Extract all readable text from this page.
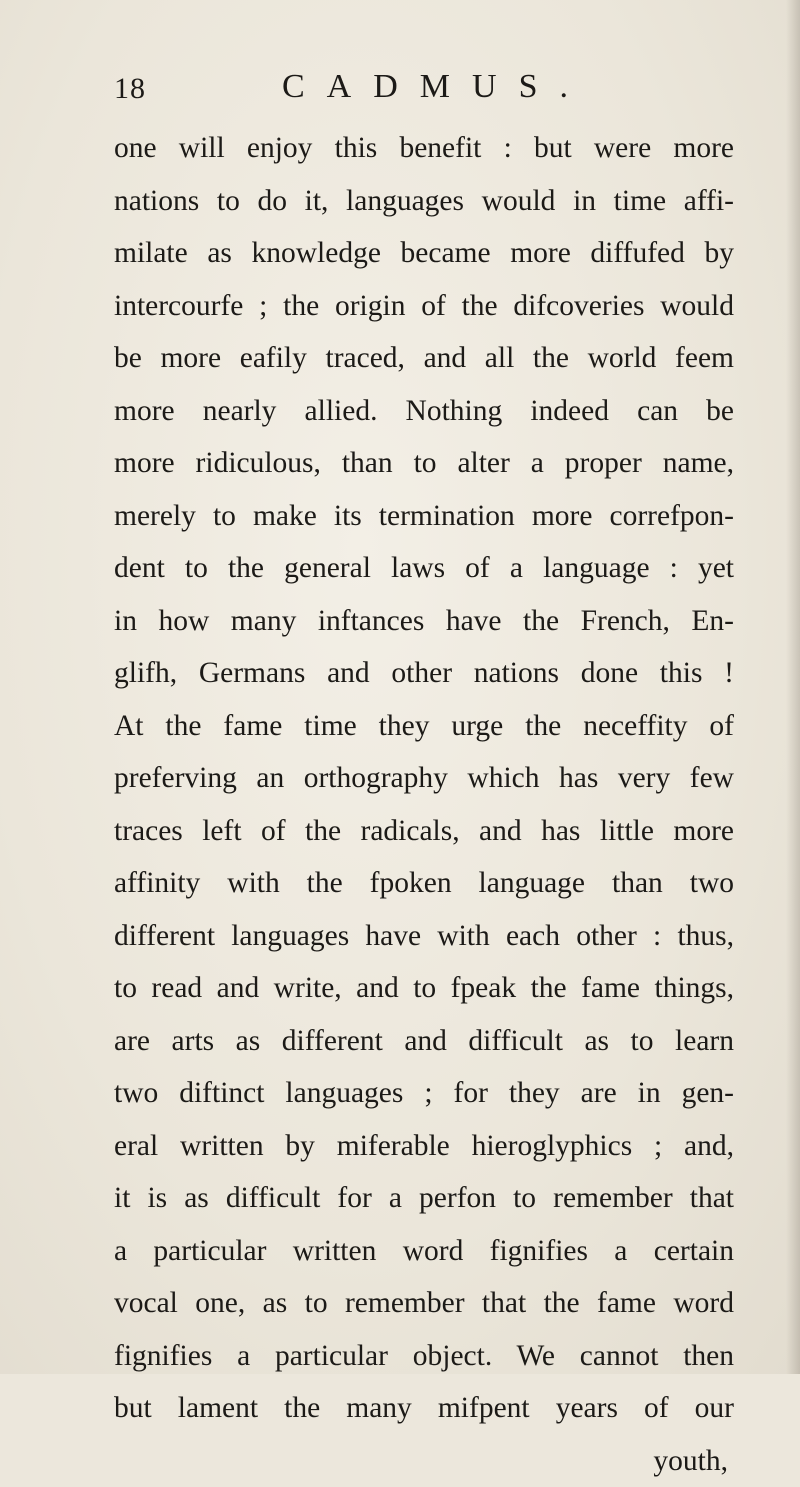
18	CADMUS.
one will enjoy this benefit : but were more
nations to do it, languages would in time affi-
milate as knowledge became more diffufed by
intercourfe ; the origin of the difcoveries would
be more eafily traced, and all the world feem
more nearly allied. Nothing indeed can be
more ridiculous, than to alter a proper name,
merely to make its termination more correfpon-
dent to the general laws of a language : yet
in how many inftances have the French, En-
glifh, Germans and other nations done this !
At the fame time they urge the neceffity of
preferving an orthography which has very few
traces left of the radicals, and has little more
affinity with the fpoken language than two
different languages have with each other : thus,
to read and write, and to fpeak the fame things,
are arts as different and difficult as to learn
two diftinct languages ; for they are in gen-
eral written by miferable hieroglyphics ; and,
it is as difficult for a perfon to remember that
a particular written word fignifies a certain
vocal one, as to remember that the fame word
fignifies a particular object. We cannot then
but lament the many mifpent years of our
youth,
